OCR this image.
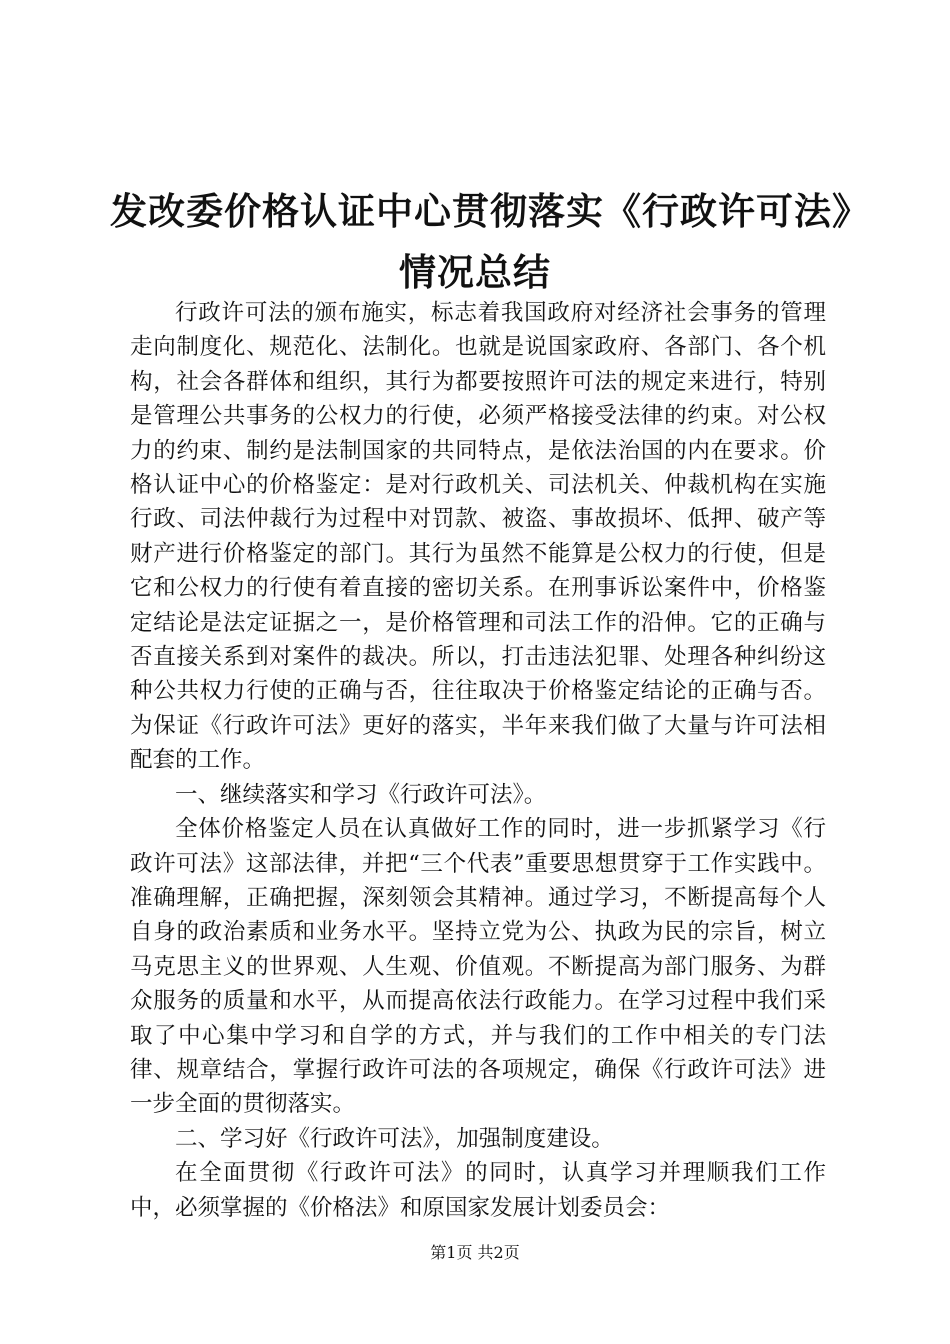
发改委价格认证中心贯彻落实《行政许可法》
情况总结

行政许可法的颁布施实，标志着我国政府对经济社会事务的管理走向制度化、规范化、法制化。也就是说国家政府、各部门、各个机构，社会各群体和组织，其行为都要按照许可法的规定来进行，特别是管理公共事务的公权力的行使，必须严格接受法律的约束。对公权力的约束、制约是法制国家的共同特点，是依法治国的内在要求。价格认证中心的价格鉴定：是对行政机关、司法机关、仲裁机构在实施行政、司法仲裁行为过程中对罚款、被盗、事故损坏、低押、破产等财产进行价格鉴定的部门。其行为虽然不能算是公权力的行使，但是它和公权力的行使有着直接的密切关系。在刑事诉讼案件中，价格鉴定结论是法定证据之一，是价格管理和司法工作的沿伸。它的正确与否直接关系到对案件的裁决。所以，打击违法犯罪、处理各种纠纷这种公共权力行使的正确与否，往往取决于价格鉴定结论的正确与否。为保证《行政许可法》更好的落实，半年来我们做了大量与许可法相配套的工作。

一、继续落实和学习《行政许可法》。

全体价格鉴定人员在认真做好工作的同时，进一步抓紧学习《行政许可法》这部法律，并把“三个代表”重要思想贯穿于工作实践中。准确理解，正确把握，深刻领会其精神。通过学习，不断提高每个人自身的政治素质和业务水平。坚持立党为公、执政为民的宗旨，树立马克思主义的世界观、人生观、价值观。不断提高为部门服务、为群众服务的质量和水平，从而提高依法行政能力。在学习过程中我们采取了中心集中学习和自学的方式，并与我们的工作中相关的专门法律、规章结合，掌握行政许可法的各项规定，确保《行政许可法》进一步全面的贯彻落实。

二、学习好《行政许可法》，加强制度建设。

在全面贯彻《行政许可法》的同时，认真学习并理顺我们工作中，必须掌握的《价格法》和原国家发展计划委员会：

第1页 共2页
